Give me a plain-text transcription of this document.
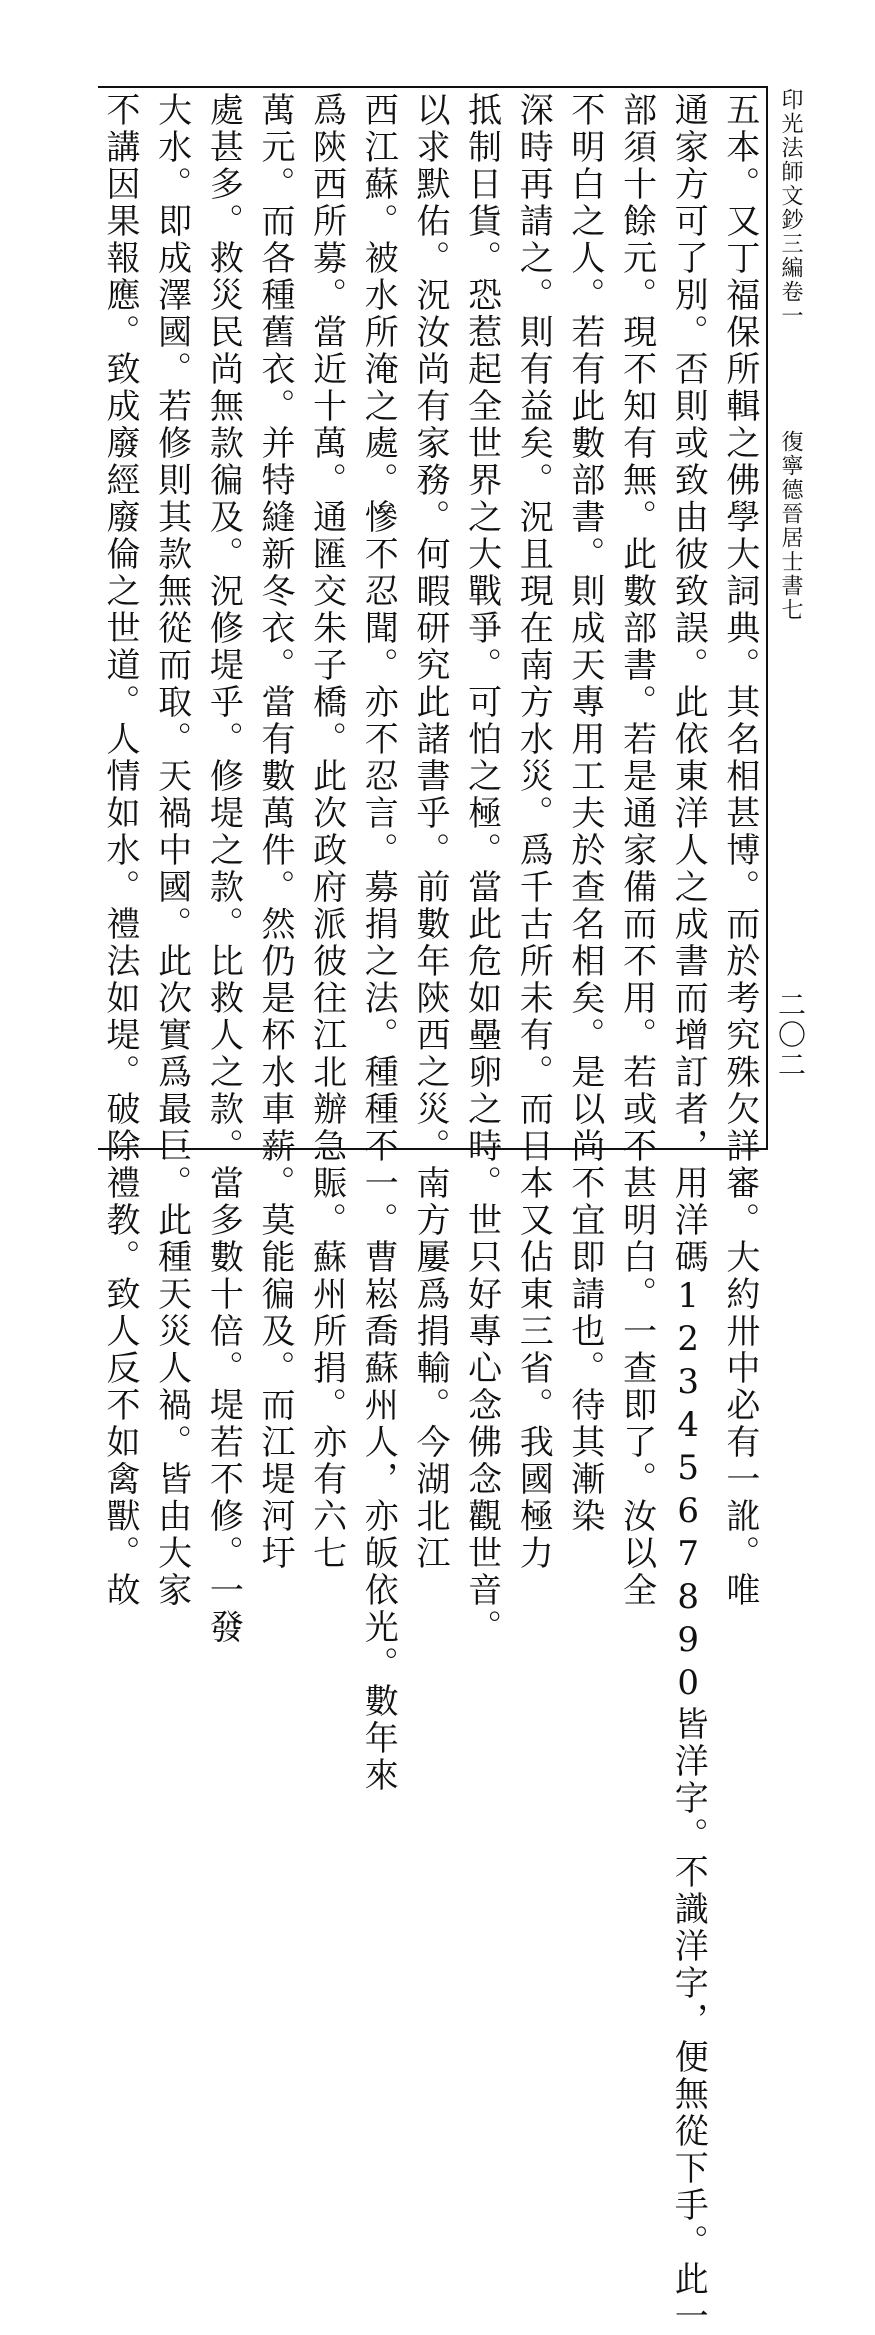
印光法師文鈔三編卷一
復寧德晉居士書七
二〇二
五本。又丁福保所輯之佛學大詞典。其名相甚博。而於考究殊欠詳審。大約卅中必有一訛。唯
通家方可了別。否則或致由彼致誤。此依東洋人之成書而增訂者，用洋碼1234567890皆洋字。不識洋字，便無從下手。此一
部須十餘元。現不知有無。此數部書。若是通家備而不用。若或不甚明白。一查即了。汝以全
不明白之人。若有此數部書。則成天專用工夫於查名相矣。是以尚不宜即請也。待其漸染
深時再請之。則有益矣。況且現在南方水災。爲千古所未有。而日本又佔東三省。我國極力
抵制日貨。恐惹起全世界之大戰爭。可怕之極。當此危如壘卵之時。世只好專心念佛念觀世音。
以求默佑。況汝尚有家務。何暇研究此諸書乎。前數年陝西之災。南方屢爲捐輸。今湖北江
西江蘇。被水所淹之處。慘不忍聞。亦不忍言。募捐之法。種種不一。曹崧喬蘇州人，亦皈依光。數年來
爲陝西所募。當近十萬。通匯交朱子橋。此次政府派彼往江北辦急賑。蘇州所捐。亦有六七
萬元。而各種舊衣。并特縫新冬衣。當有數萬件。然仍是杯水車薪。莫能徧及。而江堤河圩
處甚多。救災民尚無款徧及。況修堤乎。修堤之款。比救人之款。當多數十倍。堤若不修。一發
大水。即成澤國。若修則其款無從而取。天禍中國。此次實爲最巨。此種天災人禍。皆由大家
不講因果報應。致成廢經廢倫之世道。人情如水。禮法如堤。破除禮教。致人反不如禽獸。故
